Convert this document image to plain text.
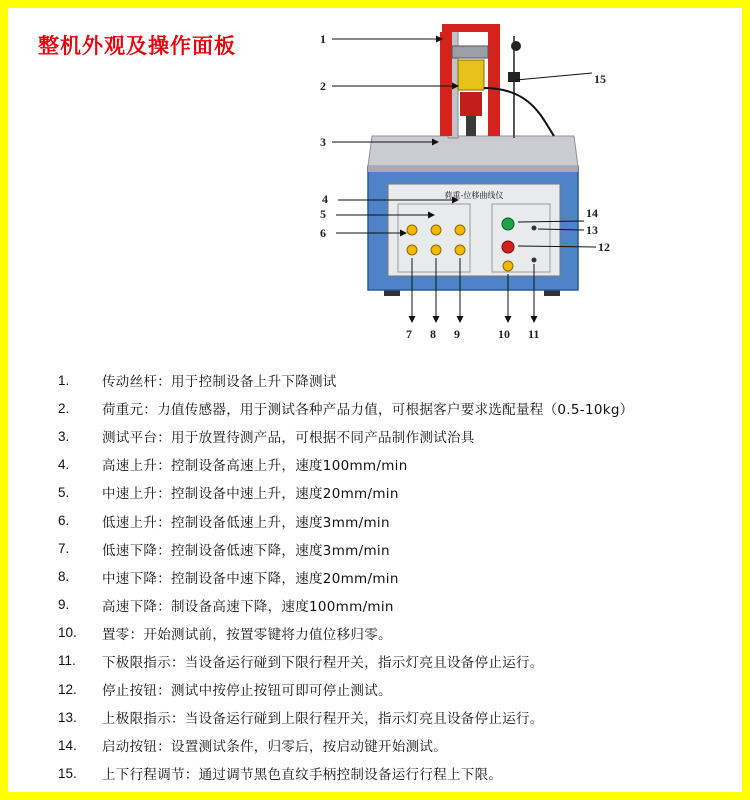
整机外观及操作面板
荷重-位移曲线仪
1
2
3
4
5
6
7 8 9	10 11
12
13
14
15
1.	传动丝杆：用于控制设备上升下降测试
2.	荷重元：力值传感器，用于测试各种产品力值，可根据客户要求选配量程（0.5-10kg）
3.	测试平台：用于放置待测产品，可根据不同产品制作测试治具
4.	高速上升：控制设备高速上升，速度100mm/min
5.	中速上升：控制设备中速上升，速度20mm/min
6.	低速上升：控制设备低速上升，速度3mm/min
7.	低速下降：控制设备低速下降，速度3mm/min
8.	中速下降：控制设备中速下降，速度20mm/min
9.	高速下降：制设备高速下降，速度100mm/min
10.	置零：开始测试前，按置零键将力值位移归零。
11.	下极限指示：当设备运行碰到下限行程开关，指示灯亮且设备停止运行。
12.	停止按钮：测试中按停止按钮可即可停止测试。
13.	上极限指示：当设备运行碰到上限行程开关，指示灯亮且设备停止运行。
14.	启动按钮：设置测试条件，归零后，按启动键开始测试。
15.	上下行程调节：通过调节黑色直纹手柄控制设备运行行程上下限。
